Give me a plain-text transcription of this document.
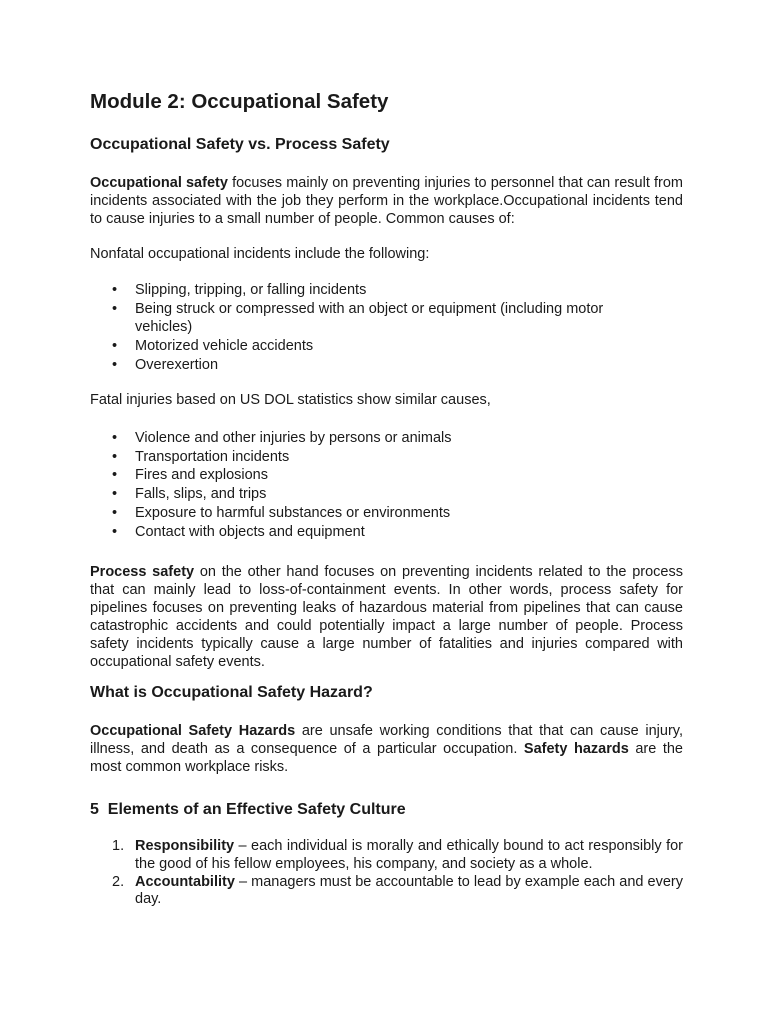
Module 2: Occupational Safety
Occupational Safety vs. Process Safety

Occupational safety focuses mainly on preventing injuries to personnel that can result from incidents associated with the job they perform in the workplace.Occupational incidents tend to cause injuries to a small number of people. Common causes of:

Nonfatal occupational incidents include the following:

• Slipping, tripping, or falling incidents
• Being struck or compressed with an object or equipment (including motor vehicles)
• Motorized vehicle accidents
• Overexertion

Fatal injuries based on US DOL statistics show similar causes,

• Violence and other injuries by persons or animals
• Transportation incidents
• Fires and explosions
• Falls, slips, and trips
• Exposure to harmful substances or environments
• Contact with objects and equipment

Process safety on the other hand focuses on preventing incidents related to the process that can mainly lead to loss-of-containment events. In other words, process safety for pipelines focuses on preventing leaks of hazardous material from pipelines that can cause catastrophic accidents and could potentially impact a large number of people. Process safety incidents typically cause a large number of fatalities and injuries compared with occupational safety events.

What is Occupational Safety Hazard?

Occupational Safety Hazards are unsafe working conditions that that can cause injury, illness, and death as a consequence of a particular occupation. Safety hazards are the most common workplace risks.

5  Elements of an Effective Safety Culture
1. Responsibility – each individual is morally and ethically bound to act responsibly for the good of his fellow employees, his company, and society as a whole.
2. Accountability – managers must be accountable to lead by example each and every day.
